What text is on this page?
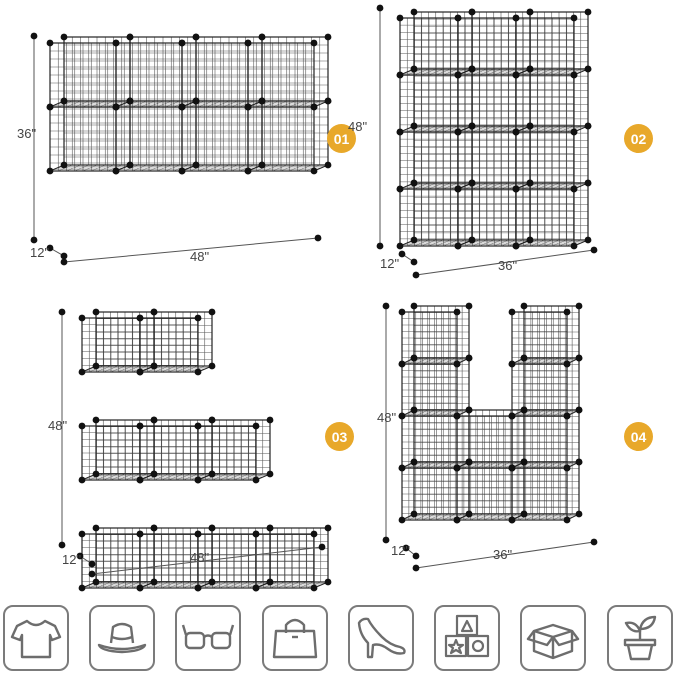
36"
12"	48"
01
48"
12"	36"
02
48"
12"	48"
03
48"
12"	36"
04
